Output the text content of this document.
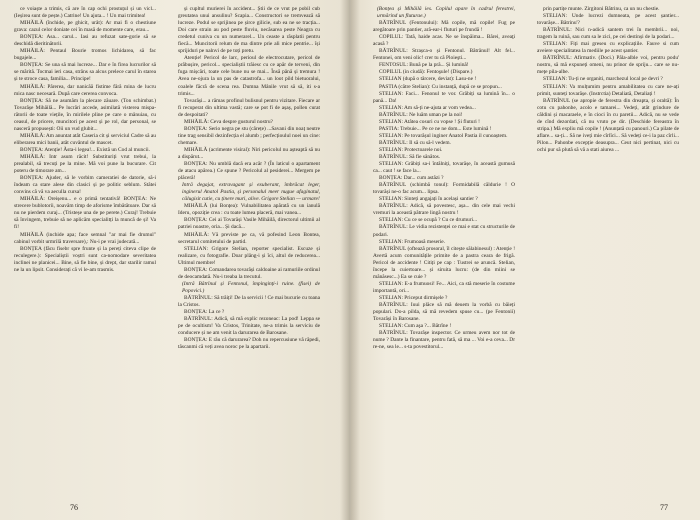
ce voiaște a trimis, că are în cap ochi prostuțul și un vicl... (Ieșirea sunt de pește.) Catrine! Un ajuta... ! Un mai trimitea!

MIHĂILĂ (închide, pe ghicit, urât): Ar mai fi o chestiune grava: cazul celor doniate cei în masă de momente care, erau...

BONȚEA: Asa... carul... Iasi au refuzat sate-gorie să se deschidă dieritinătorii.

MIHĂILĂ: Pentaul Bourie tromos lichidarea, să fac bugajele...

BONȚEA: Se una să mai lucreze... Dar e în firea lucrurilor să se mărită. Tocmai ieri casa, strâns sa alcus prelece carul în starea și te stroce casa, familia... Principe!

MIHĂILĂ: Părerea, dar nanicăă fistime fără mina de lucru mica nasc necesară. După care cererea convoca.

BONȚEA: Să ne asumăm la plecare zăuare. (Ton schimbat.) Tovarășe Mihăilă... Pe lucrări accede, asimilată visterea mispa-rătorii de toate viețile, în mirilele pline pe care o mânuiau, cu ceasul, de pricere, muncitori pe acest și pe rol, dar personal, se nasceră propusești: Oii un vud glubit...

MIHĂILĂ: Am anuntat atât Caseria cit și serviciul Cadre să au eliberarea mici banii, atât cuvântul de mascet.

BONȚEA: Atenție! Ăsta-i legea!... Există un Cod al muncii.

MIHĂILĂ: Intr asum răcit! Substituriți vrut trebui, la prealabil, să trecuți pe la mine. Mă voi pune la bucurare. Cit poteru de timorare am...

BONȚEA: Ajuder, să le vorbim cameratiei de datorie, să-i îndeam ca stare alese din clasici și pe politic seblum. Stătei convins că vă va aeculla cursa!

MIHĂILĂ: Oreișenu... e o primă tentativă! BONȚEA: Ne strecere bublotorii, noavăm timp de aforisme îmbătătoare. Dar să nu ne pierdem curaj... (Tristeșe una de pe perete.) Curaj! Trebuie să învingem, trebuie să ne aplicăm specialitți la muncă de și! Va fi!

MIHĂILĂ (inchide apa; face semnal "ar mai fie drumul" cabinul vorbit urmrilă traversare),: Nu-i pe vrai judecată...

BONȚEA (făcu fisebr spre frunte și la pereți citeva clipe de reculegere.): Specialiștii voștri sunt ca-nomodare severitatea inclinei ne planicei... Bine, să fie bine, și drept, dar starilir ramul ne la un lipsit. Considerați că vi le-am trasmis.

și cupltul murierei în accident... Știi de ce vrut pe pobil cub greutatea unui ansulinu? Scapia... Constructori se tremvează să lucreze. Podul se sprijinea pe șirce gilicie, sub ea ne se tracția... Doi care strain au pod peste fluviu, necăsarea peste Neagra cu credetul cuniva cu un numerarel... Un ceaste a răsplatii pentru fiecă... Muncitorii relum de ma dintre prie ali mice pentrie... își sprijiduri pe nalnvi de pe toți pretu.

Atenție! Pericol de larc, perioul de electrocutare, pericol de prăbușire, pericol... specialiștii trăiesc cu ce apăr de terveni, din fuga mișcări, toate cele bune nu se mai... Însă până și tremura ! Avea ne-ojura la un pas de catastrofa... un loot pild bietuoralui, coalele făcră de scena rea. Dumna Mânile vrut să să, iti s-a trimis...

Tovarăși... a rămas profinul bulisnul pentru vizitare. Fiecare ar fi recuperat din ultima vastă; care se pot fi de așaș, pollen curat de despoitati?

MIHĂILĂ: Ceva despre gusturul nostru?

BONȚEA: Serio negra pe stu (cârețe) ...Savani din noaț neutre tine trag sensibil dezinfecția el alumb ; perfecțioulul noei un cine: chemare.

MIHĂILĂ (acrimente visiral): Niri pericolul nu așteaptă să nu a dispărut...

BONȚEA: Nu umblă dacă era acăr ? (În laticul o apartament de atacu apărea.) Ce spune ? Pericolul al pesiderei... Mergem pe plăceră!

Intră degajat, extravagant și exuberant, îmbrăcat leger, inginerul Anatol Pastia, și personalul meer nugue afaginatul, călugisit cutie, cu ținere muri, alive. Grigore Stelian — urmare!

MIHĂILĂ (lui Bonțea): Vulnabilitatea apărată cu un ianulă Ideru, opoziție crea : cu toate lumea placeră, mai vanea...

BONȚEA: Cei ai Tovarăși Vasile Mihăilă, directorul ultimii al patriei noastre, oria... Și dacă...

MIHĂILĂ: Vă previste pe ca, vă pofesind Leon Bontea, secretarul comitetului de partid.

STELIAN: Grigore Stelian, reporter specialist. Escuze și realizare, cu fotografie. Doar plâng-i și îci, altul de reducerea... Ultimul membre!

BONȚEA: Comandarea tovarăși caldoaine ai ramuriile ordinul de deocamdată. Nu-i treaba la trecutul.

(Intră Bătrînul și Fentonul, împinginți-i ruine. (fisei) de Popovici.)

BĂTRÎNUL: Să trăiți! De la servicii ! Ce mai bucurie cu toana la Cristos.

BONȚEA: La ce ?

BĂTRÎNUL: Adică, să mă explic rezoneac: La pod! Leppa se pe de ocultism! Va Cristos, Trinitate, ne-a trimis la serviciu de conducere și ne am venit la darurarea de Barosane.

BONȚEA: E rău că darurarea? Doh nu repercusiune vă răpedi, tăscanmi că veți avea noroc pe la apartarii.

76

(Bonțea și Mihăilă ies. Copilul apare în cadrul ferestrei, urmărind un fluturae.)

BĂTRÎNUL (Fentonului): Mă copile, mă copile! Fug pe aregătoare prin pantier, ară-ear-i fluturi pe frundă !

COPILUL: Tată, haide acas. Ne se înspăima... Bărei, aveaţi acasă ?

BĂTRÎNUL: Strașca-o și Fentonul. Bătrânul! Alt fel... Fentonei, om veni olic! crer tu că Ploieşti...

FENTOSUL: Bună pe la pră... Și lumină!

COPILUL (in ciudă): Fentoşule! (Dispare.)

STELIAN (după o târcere, deviat): Lasu-ne !

PASTIA (către Stelian): Cu instanță, după ce se propun...

STELIAN: Faci... Fenonul te vor. Grăbiți sa lumină în... o pană... Da!

STELIAN: Am să-ți ne-ajuta ar vom vedea...

BĂTRÎNUL: Ne luăm uman pe la noi!

STELIAN: Atâtea cosuri cu vopse ! Și fluturi !

PASTIA: Trebuie... Pe ce ne ne dom... Este lumină !

STELIAN: Pe tovarășul inginer Anatol Pastia il cunoaștem.

BĂTRÎNUL: Il să cu să-l vedem.

STELIAN: Protectoarele noi.

BĂTRÎNUL: Să fie sănătos.

STELIAN: Grăbiți sa-i întâlniți, tovarășe, în această gumusă ca... caut ! se face la...

BONȚEA: Dar... cum astăzi ?

BĂTRÎNUL (schimbă tonul): Formidabilă căldurie ! O tovarăși ne-o fac acum... lipsa.

STELIAN: Sinteți angajați în același santier ?

BĂTRÎNUL: Adică, să povestesc, așa... din cele mai vechi vremuri la această pătrare lingă nostru !

STELIAN: Cu ce se ocupă ? Cu ce drumuri...

BĂTRÎNUL: Le vidia rezistenței ce mai e stat cu structurile de podari.

STELIAN: Frumoasă meserie.

BĂTRÎNUL (oftează prosoral, îl citește sălabinesul) : Atenție ! Avertă acum comunitățile primite de a pastra ceara de frigă. Pericol de accidente ! Citiți pe cap : Tustrei se aruncă. Stelian, începe la cuiertoare... și siruita lucru: (de din miini se mănăsesc...) Ea se cuie ?

STELIAN: E-a frumuosi! Fe... Aici, ca stă meserie în costume importantă, ori...

STELIAN: Priceput dirmișele ?

BĂTRÎNUL: Iuui plăce să mă deuem la vorbă cu băieți populari. Do-a pilda, să mă revedem spuse cu... (pe Fentonii) Tovarăși în Barosane.

STELIAN: Cum aşa ?... Bătrîne !

BĂTRÎNUL: Tovarășe inspector. Ce urmeu avem nor tot de nume ? Dante la finantare, pentru fată, să ma ... Voi e-a ceva... Dr re-ne, sea le... s-ta povestitorul...

prin partițe munte. Zirgitoni Bătrinu, ca un nu chestie.

STELIAN: Unde lucrezi dumneata, pe acest șantier... tovarășe... Bătrinu'?

BĂTRÎNUL: Nici n-adică santem trei în membrii... noi, tragem la ruină, sau cum sa le zici, pe cei destinși de la podari...

STELIAN: Fiți mai greseu cu explicațiile. Fauve si cum aveiere specialitatea la mediile pe acest șantier.

BĂTRÎNUL: Afirmativ. (Doci.) Păla-alble voi, pentru podu' nostru, să mă expuneți omeni, nu prinor de spriju... care se nu-mețe pila-albe.

STELIAN: Tu-ți ne organiti, marchezul local pe devri ?

STELIAN: Va mulțumim pentru amabilitatea cu care ne-ați primit, sunteți tovarășe. (Instrctia) Detaliată, Detaliați !

BĂTRÎNUL (se apropie de ferestra din dreapta, și oraltă): În cotu cu pahonbe, acolo e tamarei... Vedeți, atât grindure de căldini și macaraele, e în cioci în cu paretii... Adică, nu se vede de cînd dezordati, că nu vruto pe dir. (Deschide fereastra în stripa.) Mă expliu mă copile ! (Anunțată cu panouri.) Ca pilate de aflare... sa-ți... Să ne iveți mie cîrlîci... Să vedeți ce-i la paz cîrli... Pilon... Pahonbe excepție deasupra... Ceut nici pertinat, nici cu ochi pur să plută să vă a stati aiurea ...

77
